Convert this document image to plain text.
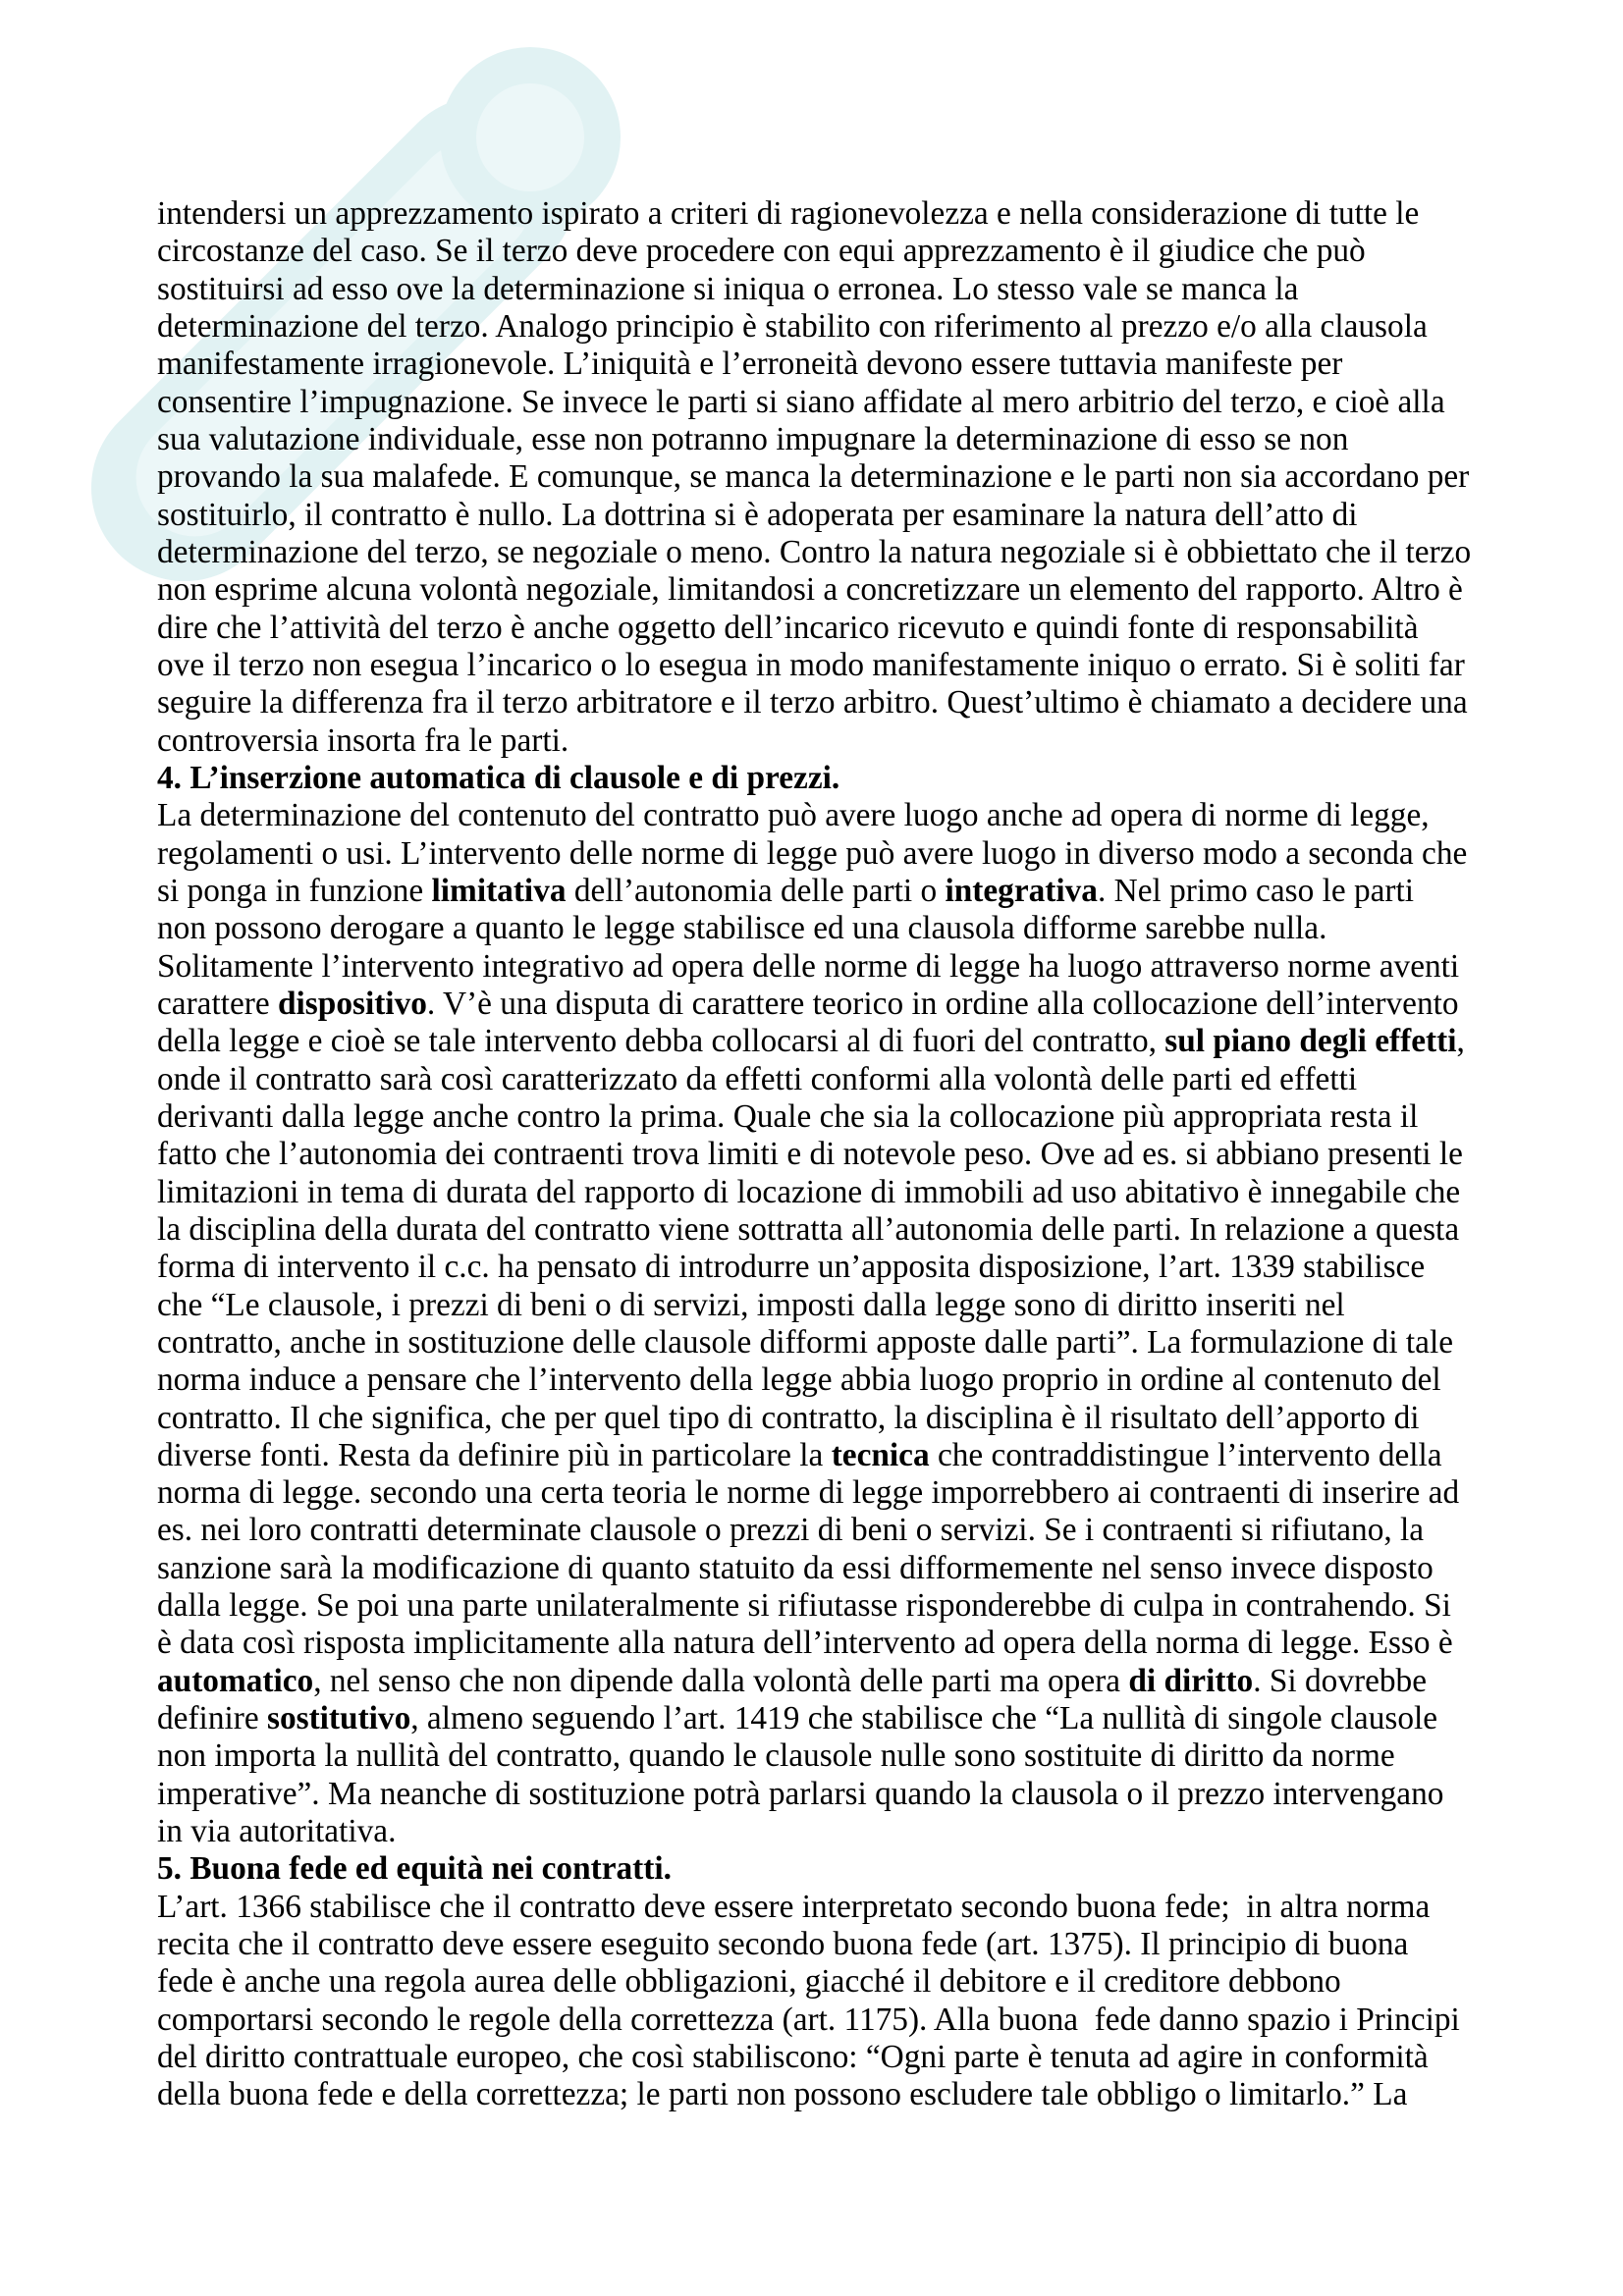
intendersi un apprezzamento ispirato a criteri di ragionevolezza e nella considerazione di tutte le
circostanze del caso. Se il terzo deve procedere con equi apprezzamento è il giudice che può
sostituirsi ad esso ove la determinazione si iniqua o erronea. Lo stesso vale se manca la
determinazione del terzo. Analogo principio è stabilito con riferimento al prezzo e/o alla clausola
manifestamente irragionevole. L’iniquità e l’erroneità devono essere tuttavia manifeste per
consentire l’impugnazione. Se invece le parti si siano affidate al mero arbitrio del terzo, e cioè alla
sua valutazione individuale, esse non potranno impugnare la determinazione di esso se non
provando la sua malafede. E comunque, se manca la determinazione e le parti non sia accordano per
sostituirlo, il contratto è nullo. La dottrina si è adoperata per esaminare la natura dell’atto di
determinazione del terzo, se negoziale o meno. Contro la natura negoziale si è obbiettato che il terzo
non esprime alcuna volontà negoziale, limitandosi a concretizzare un elemento del rapporto. Altro è
dire che l’attività del terzo è anche oggetto dell’incarico ricevuto e quindi fonte di responsabilità
ove il terzo non esegua l’incarico o lo esegua in modo manifestamente iniquo o errato. Si è soliti far
seguire la differenza fra il terzo arbitratore e il terzo arbitro. Quest’ultimo è chiamato a decidere una
controversia insorta fra le parti.
4. L’inserzione automatica di clausole e di prezzi.
La determinazione del contenuto del contratto può avere luogo anche ad opera di norme di legge,
regolamenti o usi. L’intervento delle norme di legge può avere luogo in diverso modo a seconda che
si ponga in funzione limitativa dell’autonomia delle parti o integrativa. Nel primo caso le parti
non possono derogare a quanto le legge stabilisce ed una clausola difforme sarebbe nulla.
Solitamente l’intervento integrativo ad opera delle norme di legge ha luogo attraverso norme aventi
carattere dispositivo. V’è una disputa di carattere teorico in ordine alla collocazione dell’intervento
della legge e cioè se tale intervento debba collocarsi al di fuori del contratto, sul piano degli effetti,
onde il contratto sarà così caratterizzato da effetti conformi alla volontà delle parti ed effetti
derivanti dalla legge anche contro la prima. Quale che sia la collocazione più appropriata resta il
fatto che l’autonomia dei contraenti trova limiti e di notevole peso. Ove ad es. si abbiano presenti le
limitazioni in tema di durata del rapporto di locazione di immobili ad uso abitativo è innegabile che
la disciplina della durata del contratto viene sottratta all’autonomia delle parti. In relazione a questa
forma di intervento il c.c. ha pensato di introdurre un’apposita disposizione, l’art. 1339 stabilisce
che “Le clausole, i prezzi di beni o di servizi, imposti dalla legge sono di diritto inseriti nel
contratto, anche in sostituzione delle clausole difformi apposte dalle parti”. La formulazione di tale
norma induce a pensare che l’intervento della legge abbia luogo proprio in ordine al contenuto del
contratto. Il che significa, che per quel tipo di contratto, la disciplina è il risultato dell’apporto di
diverse fonti. Resta da definire più in particolare la tecnica che contraddistingue l’intervento della
norma di legge. secondo una certa teoria le norme di legge imporrebbero ai contraenti di inserire ad
es. nei loro contratti determinate clausole o prezzi di beni o servizi. Se i contraenti si rifiutano, la
sanzione sarà la modificazione di quanto statuito da essi difformemente nel senso invece disposto
dalla legge. Se poi una parte unilateralmente si rifiutasse risponderebbe di culpa in contrahendo. Si
è data così risposta implicitamente alla natura dell’intervento ad opera della norma di legge. Esso è
automatico, nel senso che non dipende dalla volontà delle parti ma opera di diritto. Si dovrebbe
definire sostitutivo, almeno seguendo l’art. 1419 che stabilisce che “La nullità di singole clausole
non importa la nullità del contratto, quando le clausole nulle sono sostituite di diritto da norme
imperative”. Ma neanche di sostituzione potrà parlarsi quando la clausola o il prezzo intervengano
in via autoritativa.
5. Buona fede ed equità nei contratti.
L’art. 1366 stabilisce che il contratto deve essere interpretato secondo buona fede;  in altra norma
recita che il contratto deve essere eseguito secondo buona fede (art. 1375). Il principio di buona
fede è anche una regola aurea delle obbligazioni, giacché il debitore e il creditore debbono
comportarsi secondo le regole della correttezza (art. 1175). Alla buona  fede danno spazio i Principi
del diritto contrattuale europeo, che così stabiliscono: “Ogni parte è tenuta ad agire in conformità
della buona fede e della correttezza; le parti non possono escludere tale obbligo o limitarlo.” La
